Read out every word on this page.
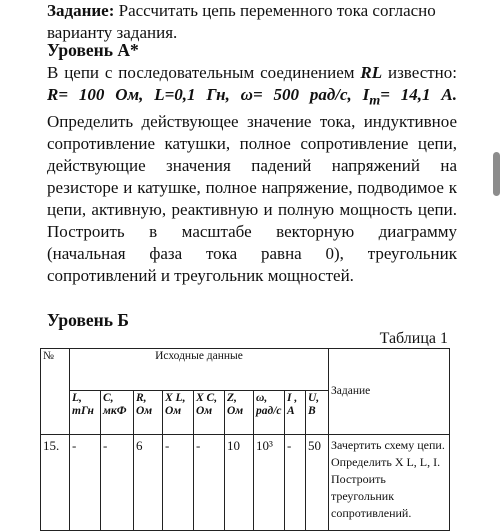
Задание: Рассчитать цепь переменного тока согласно варианту задания.
Уровень А*
В цепи с последовательным соединением RL известно: R= 100 Ом, L=0,1 Гн, ω= 500 рад/с, $I_m= 14,1$ А. Определить действующее значение тока, индуктивное сопротивление катушки, полное сопротивление цепи, действующие значения падений напряжений на резисторе и катушке, полное напряжение, подводимое к цепи, активную, реактивную и полную мощность цепи. Построить в масштабе векторную диаграмму (начальная фаза тока равна 0), треугольник сопротивлений и треугольник мощностей.
Уровень Б
Таблица 1
№	Исходные данные									Задание
	L, mГн	C, мкФ	R, Ом	X L, Ом	X C, Ом	Z, Ом	ω, рад/с	I , А	U, В	
15.	-	-	6	-	-	10	10³	-	50	Зачертить схему цепи. Определить X L, L, I. Построить треугольник сопротивлений.
